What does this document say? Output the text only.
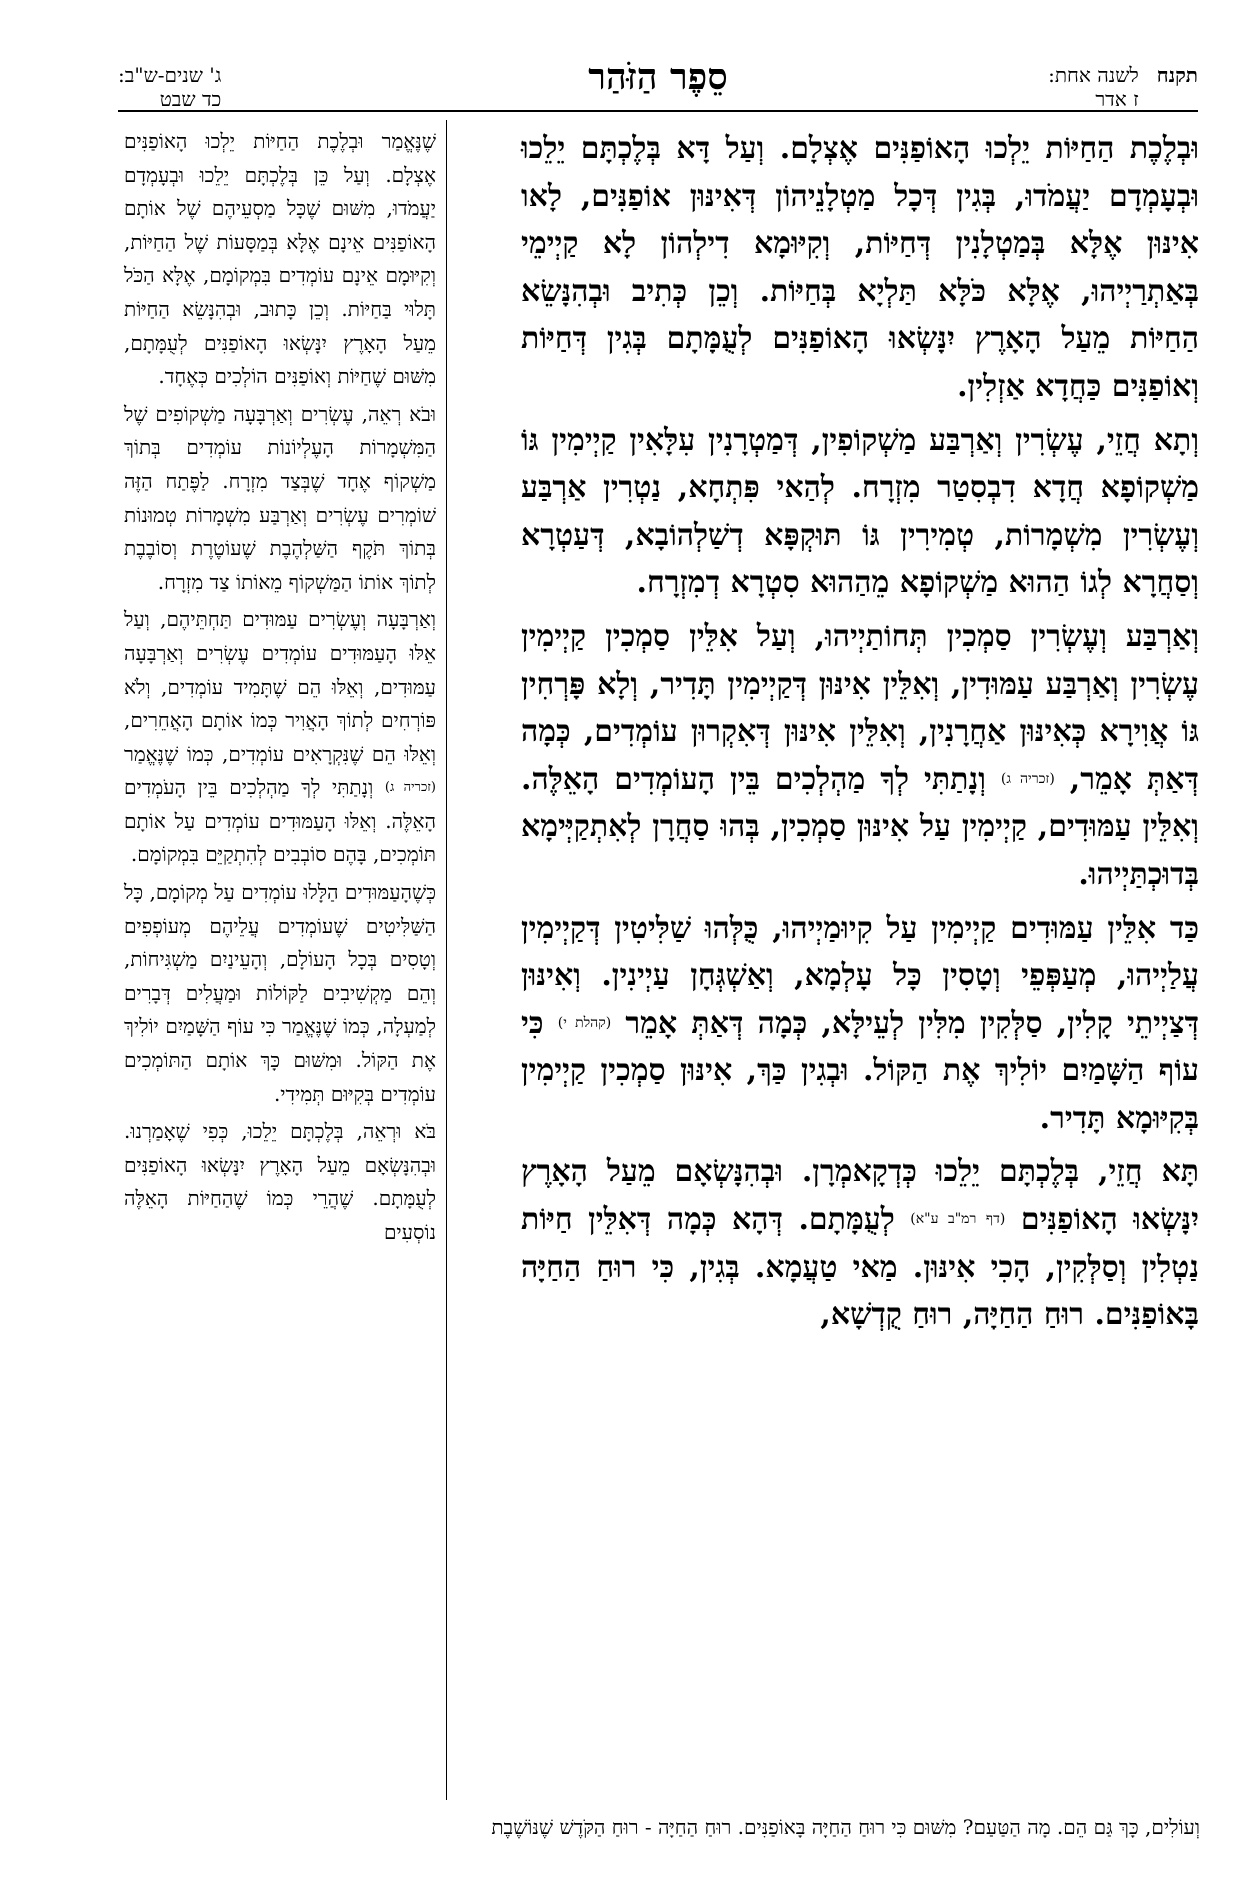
תקנח
לשנה אחת:
ז אדר
סֵפֶר הַזֹּהַר
ג' שנים-ש"ב:
כד שבט

וּבְלֶכֶת הַחַיּוֹת יֵלְכוּ הָאוֹפַנִּים אֶצְלָם. וְעַל דָּא בְּלֶכְתָּם יֵלֵכוּ וּבְעָמְדָם יַעֲמֹדוּ, בְּגִין דְּכָל מַטְלָנֵיהוֹן דְּאִינּוּן אוֹפַנִּים, לָאו אִינּוּן אֶלָּא בְּמַטְלָנִין דְּחַיּוֹת, וְקִיּוּמָא דִילְהוֹן לָא קַיְימֵי בְּאַתְרַיְיהוּ, אֶלָּא כֹּלָּא תַּלְיָא בְּחַיּוֹת. וְכֵן כְּתִיב וּבְהִנָּשֵׂא הַחַיּוֹת מֵעַל הָאָרֶץ יִנָּשְׂאוּ הָאוֹפַנִּים לְעֻמָּתָם בְּגִין דְּחַיּוֹת וְאוֹפַנִּים כַּחֲדָא אַזְלִין.

וְתָא חֲזֵי, עֶשְׂרִין וְאַרְבַּע מַשְׁקוֹפִין, דְּמַטְרָנִין עִלָּאִין קַיְימִין גּוֹ מַשְׁקוֹפָא חֲדָא דִבְסִטַר מִזְרָח. לְהַאי פִּתְחָא, נַטְרִין אַרְבַּע וְעֶשְׂרִין מִשְׁמָרוֹת, טְמִירִין גּוֹ תּוּקְפָּא דְשַׁלְהוֹבָא, דְּעַטְרָא וְסַחֲרָא לְגוֹ הַהוּא מַשְׁקוֹפָא מֵהַהוּא סִטְרָא דְמִזְרָח.

וְאַרְבַּע וְעֶשְׂרִין סַמְכִין תְּחוֹתַיְיהוּ, וְעַל אִלֵּין סַמְכִין קַיְימִין עֶשְׂרִין וְאַרְבַּע עַמּוּדִין, וְאִלֵּין אִינּוּן דְּקַיְימִין תָּדִיר, וְלָא פָּרְחִין גּוֹ אֲוִירָא כְּאִינּוּן אַחֲרָנִין, וְאִלֵּין אִינּוּן דְּאִקְרוּן עוֹמְדִים, כְּמָה דְּאַתְּ אָמֵר, $^{(זכריה ג)}$ וְנָתַתִּי לְךָ מַהְלְכִים בֵּין הָעוֹמְדִים הָאֵלֶּה. וְאִלֵּין עַמּוּדִים, קַיְימִין עַל אִינּוּן סַמְכִין, בְּהוּ סַחֲרָן לְאִתְקַיְּימָא בְּדוּכְתַּיְיהוּ.

כַּד אִלֵּין עַמּוּדִים קַיְימִין עַל קִיוּמַיְיהוּ, כֻּלְּהוּ שַׁלִּיטִין דְּקַיְימִין עֲלַיְיהוּ, מְעַפְּפֵי וְטָסִין כָּל עָלְמָא, וְאַשְׁגְּחָן עַיְינִין. וְאִינּוּן דְּצַיְיתֵי קָלִין, סַלְּקִין מִלִּין לְעֵילָּא, כְּמָה דְּאַתְּ אָמֵר $^{(קהלת י)}$ כִּי עוֹף הַשָּׁמַיִם יוֹלִיךְ אֶת הַקּוֹל. וּבְגִין כַּךְ, אִינּוּן סַמְכִין קַיְימִין בְּקִיּוּמָא תָּדִיר.

תָּא חֲזֵי, בְּלֶכְתָּם יֵלֵכוּ כְּדְקָאמְרָן. וּבְהִנָּשְׂאָם מֵעַל הָאָרֶץ יִנָּשְׂאוּ הָאוֹפַנִּים $^{(דף רמ"ב ע"א)}$ לְעֻמָּתָם. דְּהָא כְּמָה דְּאִלֵּין חַיּוֹת נַטְלִין וְסַלְּקִין, הָכִי אִינּוּן. מַאי טַעֲמָא. בְּגִין, כִּי רוּחַ הַחַיָּה בָּאוֹפַנִּים. רוּחַ הַחַיָּה, רוּחַ קֻדְשָׁא,

שֶׁנֶּאֱמַר וּבְלֶכֶת הַחַיּוֹת יֵלְכוּ הָאוֹפַנִּים אֶצְלָם. וְעַל כֵּן בְּלֶכְתָּם יֵלֵכוּ וּבְעָמְדָם יַעֲמֹדוּ, מִשּׁוּם שֶׁכָּל מַסְעֵיהֶם שֶׁל אוֹתָם הָאוֹפַנִּים אֵינָם אֶלָּא בְּמַסָּעוֹת שֶׁל הַחַיּוֹת, וְקִיּוּמָם אֵינָם עוֹמְדִים בִּמְקוֹמָם, אֶלָּא הַכֹּל תָּלוּי בַּחַיּוֹת. וְכֵן כָּתוּב, וּבְהִנָּשֵׂא הַחַיּוֹת מֵעַל הָאָרֶץ יִנָּשְׂאוּ הָאוֹפַנִּים לְעֻמָּתָם, מִשּׁוּם שֶׁחַיּוֹת וְאוֹפַנִּים הוֹלְכִים כְּאֶחָד.

וּבֹא רְאֵה, עֶשְׂרִים וְאַרְבָּעָה מַשְׁקוֹפִים שֶׁל הַמִּשְׁמָרוֹת הָעֶלְיוֹנוֹת עוֹמְדִים בְּתוֹךְ מַשְׁקוֹף אֶחָד שֶׁבְּצַד מִזְרָח. לַפֶּתַח הַזֶּה שׁוֹמְרִים עֶשְׂרִים וְאַרְבַּע מִשְׁמָרוֹת טְמוּנוֹת בְּתוֹךְ תֹּקֶף הַשַּׁלְהֶבֶת שֶׁעוֹטֶרֶת וְסוֹבֶבֶת לְתוֹךְ אוֹתוֹ הַמַּשְׁקוֹף מֵאוֹתוֹ צַד מִזְרָח.

וְאַרְבָּעָה וְעֶשְׂרִים עַמּוּדִים תַּחְתֵּיהֶם, וְעַל אֵלּוּ הָעַמּוּדִים עוֹמְדִים עֶשְׂרִים וְאַרְבָּעָה עַמּוּדִים, וְאֵלּוּ הֵם שֶׁתָּמִיד עוֹמְדִים, וְלֹא פּוֹרְחִים לְתוֹךְ הָאֲוִיר כְּמוֹ אוֹתָם הָאֲחֵרִים, וְאֵלּוּ הֵם שֶׁנִּקְרָאִים עוֹמְדִים, כְּמוֹ שֶׁנֶּאֱמַר (זכריה ג) וְנָתַתִּי לְךָ מַהְלְכִים בֵּין הָעֹמְדִים הָאֵלֶּה. וְאֵלּוּ הָעַמּוּדִים עוֹמְדִים עַל אוֹתָם תּוֹמְכִים, בָּהֶם סוֹבְבִים לְהִתְקַיֵּם בִּמְקוֹמָם.

כְּשֶׁהָעַמּוּדִים הַלָּלוּ עוֹמְדִים עַל מְקוֹמָם, כָּל הַשַּׁלִּיטִים שֶׁעוֹמְדִים עֲלֵיהֶם מְעוֹפְפִים וְטָסִים בְּכָל הָעוֹלָם, וְהָעֵינַיִם מַשְׁגִּיחוֹת, וְהֵם מַקְשִׁיבִים לַקּוֹלוֹת וּמַעֲלִים דְּבָרִים לְמַעְלָה, כְּמוֹ שֶׁנֶּאֱמַר כִּי עוֹף הַשָּׁמַיִם יוֹלִיךְ אֶת הַקּוֹל. וּמִשּׁוּם כָּךְ אוֹתָם הַתּוֹמְכִים עוֹמְדִים בְּקִיּוּם תְּמִידִי.

בֹּא וּרְאֵה, בְּלֶכְתָּם יֵלֵכוּ, כְּפִי שֶׁאָמַרְנוּ. וּבְהִנָּשְׂאָם מֵעַל הָאָרֶץ יִנָּשְׂאוּ הָאוֹפַנִּים לְעֻמָּתָם. שֶׁהֲרֵי כְּמוֹ שֶׁהַחַיּוֹת הָאֵלֶּה נוֹסְעִים

וְעוֹלִים, כָּךְ גַּם הֵם. מָה הַטַּעַם? מִשּׁוּם כִּי רוּחַ הַחַיָּה בָּאוֹפַנִּים. רוּחַ הַחַיָּה - רוּחַ הַקֹּדֶשׁ שֶׁנּוֹשֶׁבֶת
